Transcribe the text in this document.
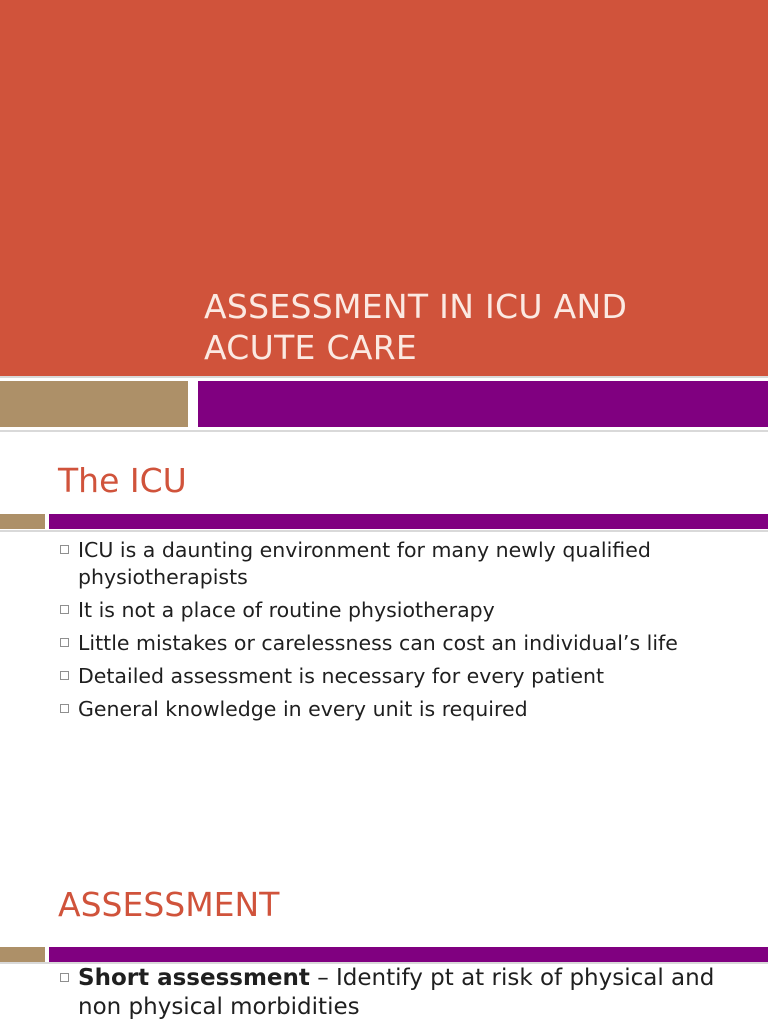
ASSESSMENT IN ICU AND
ACUTE CARE
The ICU
ICU is a daunting environment for many newly qualified physiotherapists
It is not a place of routine physiotherapy
Little mistakes or carelessness can cost an individual’s life
Detailed assessment is necessary for every patient
General knowledge in every unit is required
ASSESSMENT
Short assessment – Identify pt at risk of physical and non physical morbidities
